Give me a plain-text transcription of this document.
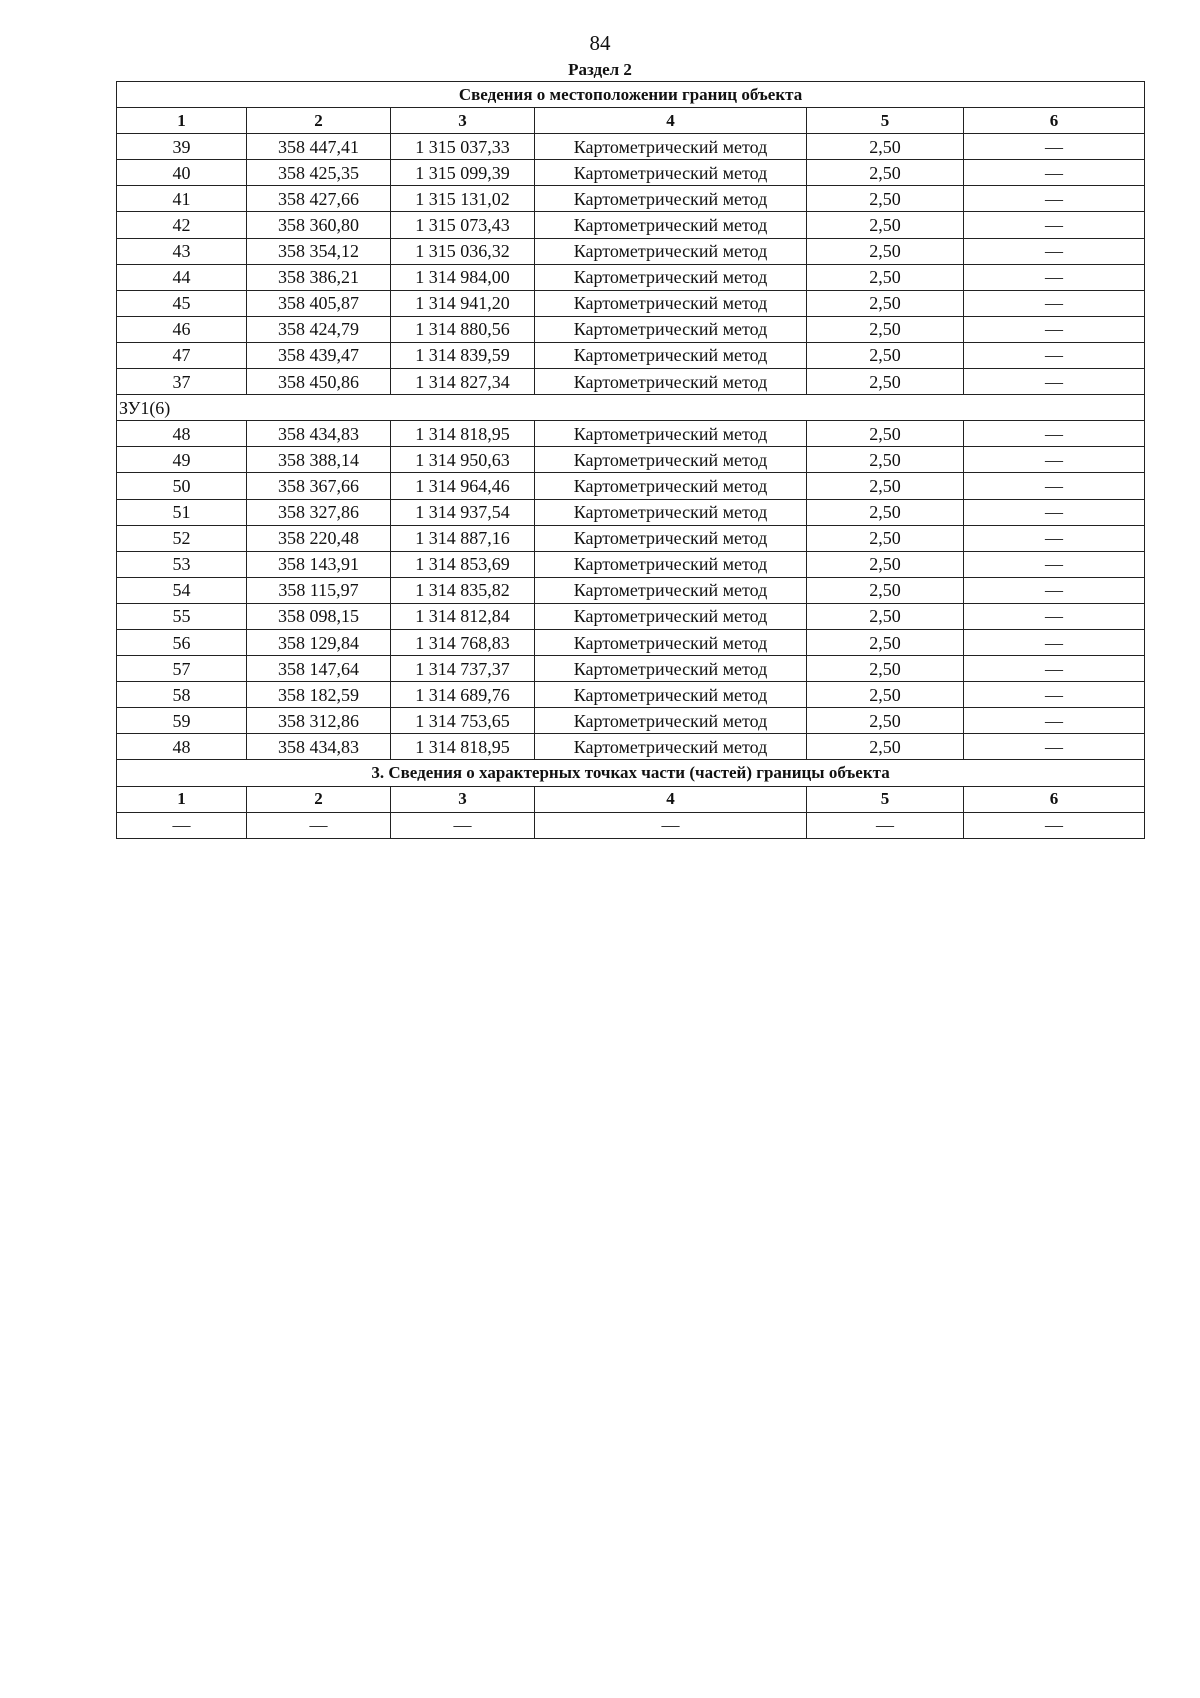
84
Раздел 2
Сведения о местоположении границ объекта					
1	2	3	4	5	6
39	358 447,41	1 315 037,33	Картометрический метод	2,50	—
40	358 425,35	1 315 099,39	Картометрический метод	2,50	—
41	358 427,66	1 315 131,02	Картометрический метод	2,50	—
42	358 360,80	1 315 073,43	Картометрический метод	2,50	—
43	358 354,12	1 315 036,32	Картометрический метод	2,50	—
44	358 386,21	1 314 984,00	Картометрический метод	2,50	—
45	358 405,87	1 314 941,20	Картометрический метод	2,50	—
46	358 424,79	1 314 880,56	Картометрический метод	2,50	—
47	358 439,47	1 314 839,59	Картометрический метод	2,50	—
37	358 450,86	1 314 827,34	Картометрический метод	2,50	—
ЗУ1(6)					
48	358 434,83	1 314 818,95	Картометрический метод	2,50	—
49	358 388,14	1 314 950,63	Картометрический метод	2,50	—
50	358 367,66	1 314 964,46	Картометрический метод	2,50	—
51	358 327,86	1 314 937,54	Картометрический метод	2,50	—
52	358 220,48	1 314 887,16	Картометрический метод	2,50	—
53	358 143,91	1 314 853,69	Картометрический метод	2,50	—
54	358 115,97	1 314 835,82	Картометрический метод	2,50	—
55	358 098,15	1 314 812,84	Картометрический метод	2,50	—
56	358 129,84	1 314 768,83	Картометрический метод	2,50	—
57	358 147,64	1 314 737,37	Картометрический метод	2,50	—
58	358 182,59	1 314 689,76	Картометрический метод	2,50	—
59	358 312,86	1 314 753,65	Картометрический метод	2,50	—
48	358 434,83	1 314 818,95	Картометрический метод	2,50	—
3. Сведения о характерных точках части (частей) границы объекта					
1	2	3	4	5	6
—	—	—	—	—	—
